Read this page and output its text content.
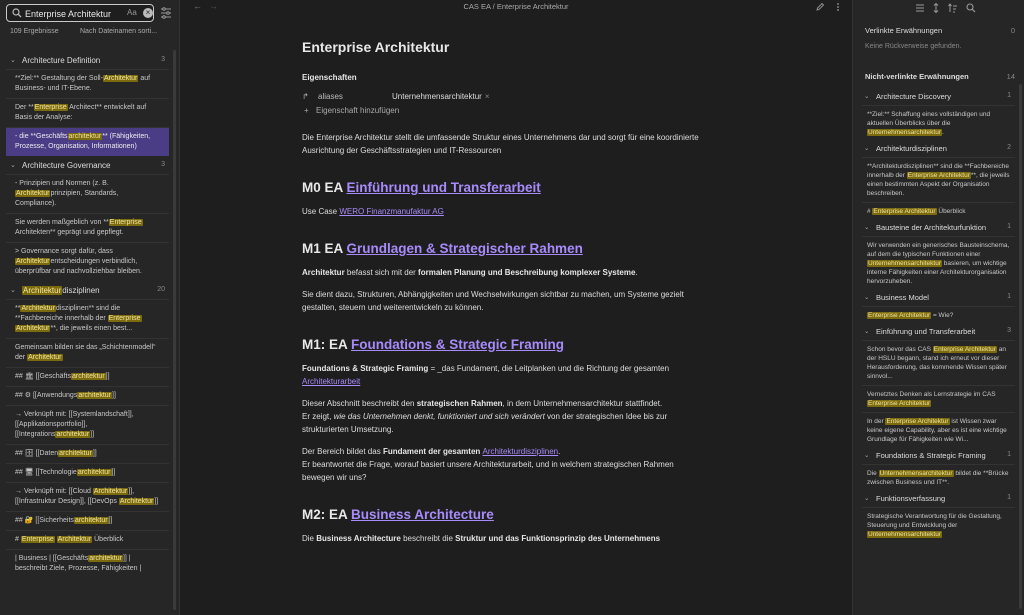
Enterprise Architektur
Aa	×
109 Ergebnisse	Nach Dateinamen sorti...
⌄ Architecture Definition	3
**Ziel:** Gestaltung der Soll-Architektur auf Business- und IT-Ebene.
Der **Enterprise Architect** entwickelt auf Basis der Analyse:
- die **Geschäftsarchitektur** (Fähigkeiten, Prozesse, Organisation, Informationen)
⌄ Architecture Governance	3
- Prinzipien und Normen (z. B. Architekturprinzipien, Standards, Compliance).
Sie werden maßgeblich von **Enterprise Architekten** geprägt und gepflegt.
> Governance sorgt dafür, dass Architekturentscheidungen verbindlich, überprüfbar und nachvollziehbar bleiben.
⌄ Architekturdisziplinen	20
**Architekturdisziplinen** sind die **Fachbereiche innerhalb der Enterprise Architektur**, die jeweils einen best...
Gemeinsam bilden sie das „Schichtenmodell“ der Architektur
## 🏛 [[Geschäftsarchitektur]]
## ⚙ [[Anwendungsarchitektur]]
→ Verknüpft mit: [[Systemlandschaft]], [[Applikationsportfolio]], [[Integrationsarchitektur]]
## 🗄 [[Datenarchitektur]]
## 🖥 [[Technologiearchitektur]]
→ Verknüpft mit: [[Cloud Architektur]], [[Infrastruktur Design]], [[DevOps Architektur]]
## 🔐 [[Sicherheitsarchitektur]]
# Enterprise Architektur Überblick
| Business | [[Geschäftsarchitektur]] | beschreibt Ziele, Prozesse, Fähigkeiten |
← →	CAS EA / Enterprise Architektur
Enterprise Architektur
Eigenschaften
↱ aliases	Unternehmensarchitektur ×
+ Eigenschaft hinzufügen

Die Enterprise Architektur stellt die umfassende Struktur eines Unternehmens dar und sorgt für eine koordinierte Ausrichtung der Geschäftsstrategien und IT-Ressourcen

M0 EA Einführung und Transferarbeit

Use Case WERO Finanzmanufaktur AG

M1 EA Grundlagen & Strategischer Rahmen

Architektur befasst sich mit der formalen Planung und Beschreibung komplexer Systeme.

Sie dient dazu, Strukturen, Abhängigkeiten und Wechselwirkungen sichtbar zu machen, um Systeme gezielt gestalten, steuern und weiterentwickeln zu können.

M1: EA Foundations & Strategic Framing

Foundations & Strategic Framing = _das Fundament, die Leitplanken und die Richtung der gesamten Architekturarbeit

Dieser Abschnitt beschreibt den strategischen Rahmen, in dem Unternehmensarchitektur stattfindet.
Er zeigt, wie das Unternehmen denkt, funktioniert und sich verändert von der strategischen Idee bis zur strukturierten Umsetzung.

Der Bereich bildet das Fundament der gesamten Architekturdisziplinen.
Er beantwortet die Frage, worauf basiert unsere Architekturarbeit, und in welchem strategischen Rahmen bewegen wir uns?

M2: EA Business Architecture

Die Business Architecture beschreibt die Struktur und das Funktionsprinzip des Unternehmens

Verlinkte Erwähnungen	0
Keine Rückverweise gefunden.
Nicht-verlinkte Erwähnungen	14
⌄ Architecture Discovery	1
**Ziel:** Schaffung eines vollständigen und aktuellen Überblicks über die Unternehmensarchitektur.
⌄ Architekturdisziplinen	2
**Architekturdisziplinen** sind die **Fachbereiche innerhalb der Enterprise Architektur**, die jeweils einen bestimmten Aspekt der Organisation beschreiben.
# Enterprise Architektur Überblick
⌄ Bausteine der Architekturfunktion	1
Wir verwenden ein generisches Bausteinschema, auf dem die typischen Funktionen einer Unternehmensarchitektur basieren, um wichtige interne Fähigkeiten einer Architekturorganisation hervorzuheben.
⌄ Business Model	1
Enterprise Architektur = Wie?
⌄ Einführung und Transferarbeit	3
Schon bevor das CAS Enterprise Architektur an der HSLU begann, stand ich erneut vor dieser Herausforderung, das kommende Wissen später sinnvol...
Vernetztes Denken als Lernstrategie im CAS Enterprise Architektur
In der Enterprise Architektur ist Wissen zwar keine eigene Capability, aber es ist eine wichtige Grundlage für Fähigkeiten wie Wi...
⌄ Foundations & Strategic Framing	1
Die Unternehmensarchitektur bildet die **Brücke zwischen Business und IT**.
⌄ Funktionsverfassung	1
Strategische Verantwortung für die Gestaltung, Steuerung und Entwicklung der Unternehmensarchitektur
